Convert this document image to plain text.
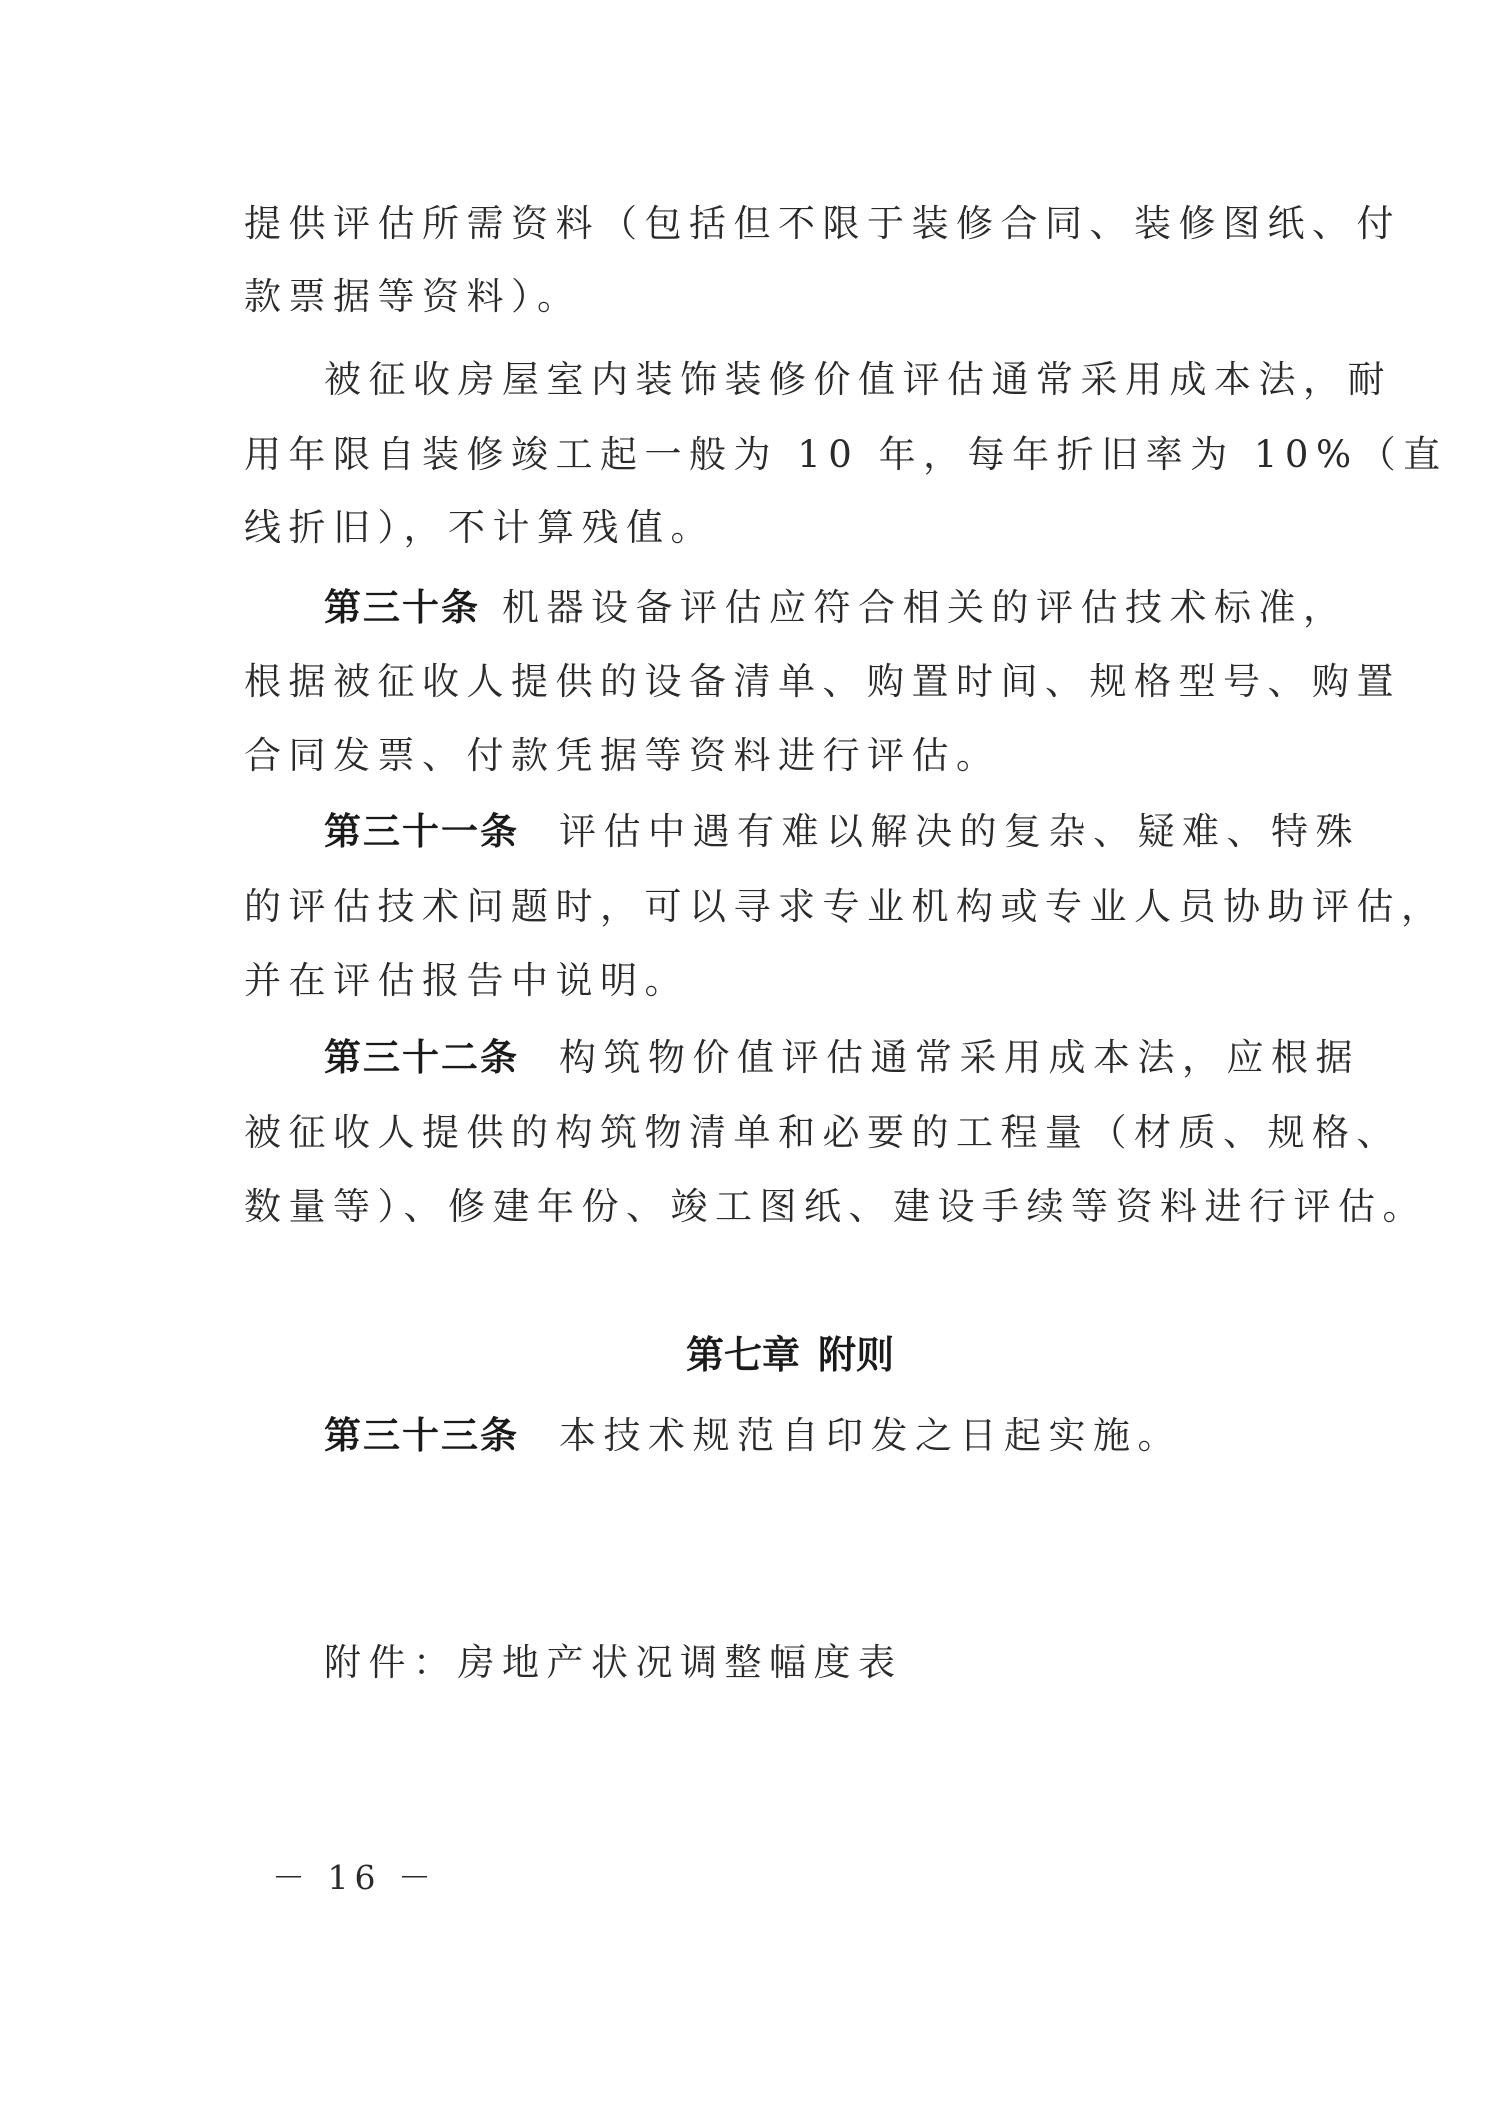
提供评估所需资料（包括但不限于装修合同、装修图纸、付
款票据等资料）。
被征收房屋室内装饰装修价值评估通常采用成本法，耐
用年限自装修竣工起一般为 10 年，每年折旧率为 10%（直
线折旧），不计算残值。
第三十条 机器设备评估应符合相关的评估技术标准，
根据被征收人提供的设备清单、购置时间、规格型号、购置
合同发票、付款凭据等资料进行评估。
第三十一条 评估中遇有难以解决的复杂、疑难、特殊
的评估技术问题时，可以寻求专业机构或专业人员协助评估，
并在评估报告中说明。
第三十二条 构筑物价值评估通常采用成本法，应根据
被征收人提供的构筑物清单和必要的工程量（材质、规格、
数量等）、修建年份、竣工图纸、建设手续等资料进行评估。
第七章 附则
第三十三条 本技术规范自印发之日起实施。
附件：房地产状况调整幅度表
－ 16 －
